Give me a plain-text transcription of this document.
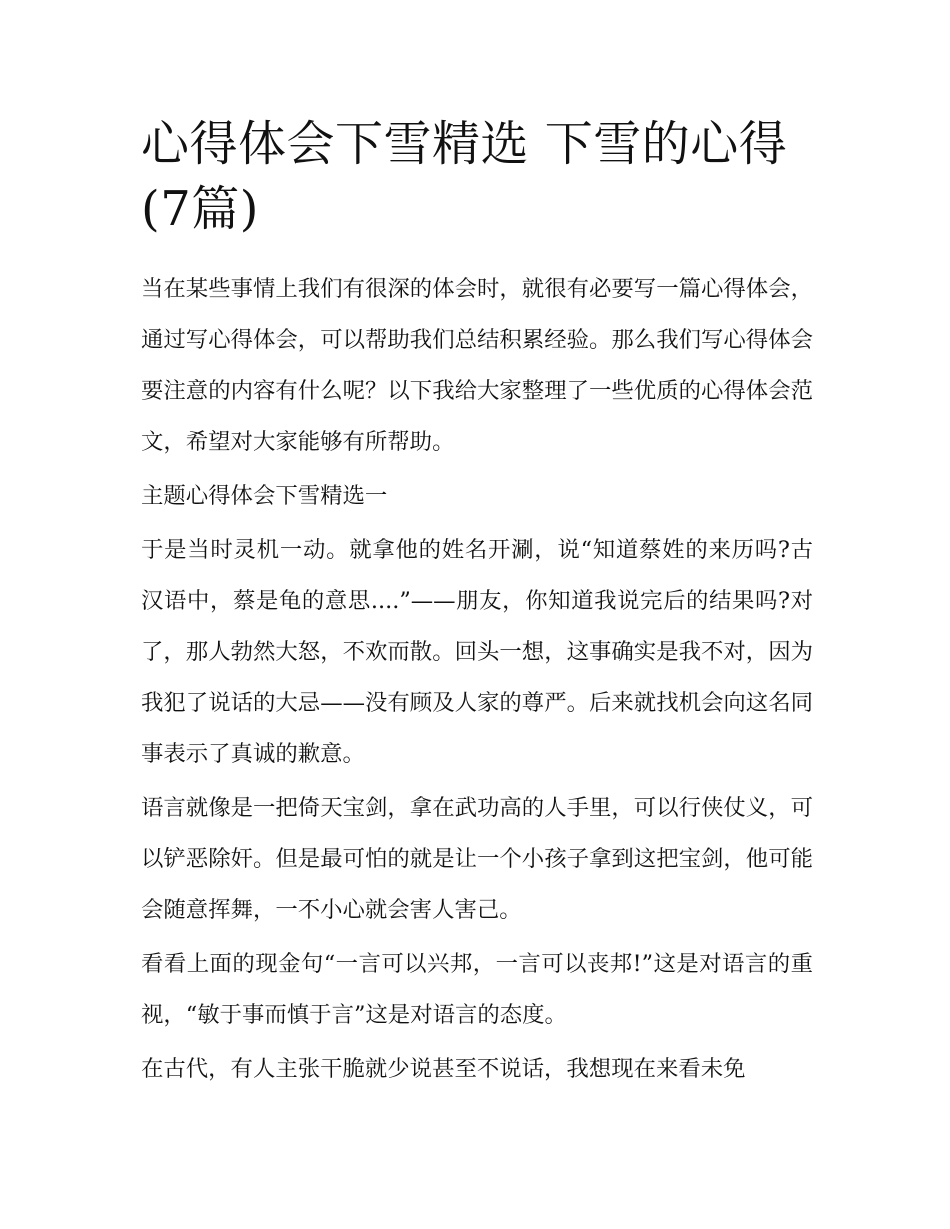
心得体会下雪精选 下雪的心得(7篇)

当在某些事情上我们有很深的体会时，就很有必要写一篇心得体会，通过写心得体会，可以帮助我们总结积累经验。那么我们写心得体会要注意的内容有什么呢？以下我给大家整理了一些优质的心得体会范文，希望对大家能够有所帮助。

主题心得体会下雪精选一

于是当时灵机一动。就拿他的姓名开涮，说“知道蔡姓的来历吗?古汉语中，蔡是龟的意思....”——朋友，你知道我说完后的结果吗?对了，那人勃然大怒，不欢而散。回头一想，这事确实是我不对，因为我犯了说话的大忌——没有顾及人家的尊严。后来就找机会向这名同事表示了真诚的歉意。

语言就像是一把倚天宝剑，拿在武功高的人手里，可以行侠仗义，可以铲恶除奸。但是最可怕的就是让一个小孩子拿到这把宝剑，他可能会随意挥舞，一不小心就会害人害己。

看看上面的现金句“一言可以兴邦，一言可以丧邦!”这是对语言的重视，“敏于事而慎于言”这是对语言的态度。

在古代，有人主张干脆就少说甚至不说话，我想现在来看未免
